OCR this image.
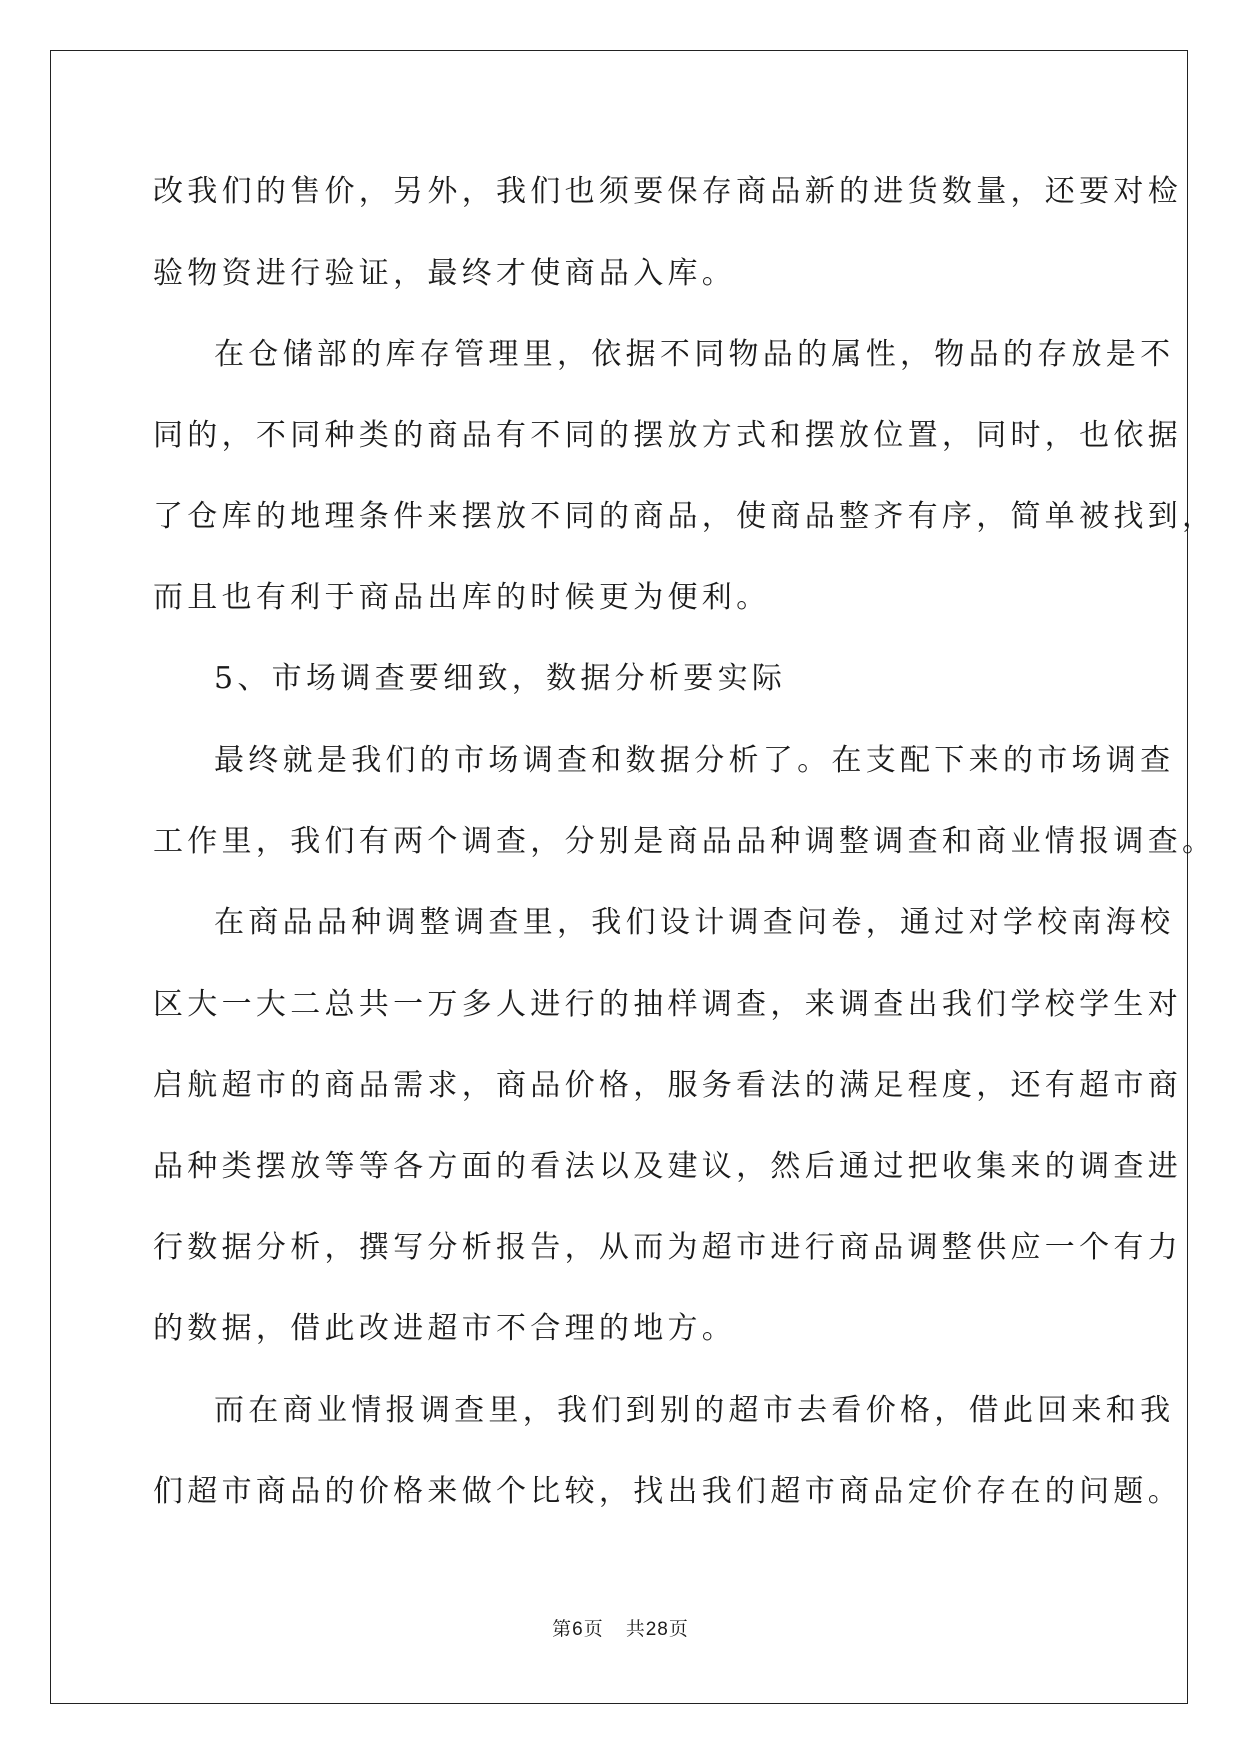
改我们的售价，另外，我们也须要保存商品新的进货数量，还要对检
验物资进行验证，最终才使商品入库。
在仓储部的库存管理里，依据不同物品的属性，物品的存放是不
同的，不同种类的商品有不同的摆放方式和摆放位置，同时，也依据
了仓库的地理条件来摆放不同的商品，使商品整齐有序，简单被找到，
而且也有利于商品出库的时候更为便利。
5、市场调查要细致，数据分析要实际
最终就是我们的市场调查和数据分析了。在支配下来的市场调查
工作里，我们有两个调查，分别是商品品种调整调查和商业情报调查。
在商品品种调整调查里，我们设计调查问卷，通过对学校南海校
区大一大二总共一万多人进行的抽样调查，来调查出我们学校学生对
启航超市的商品需求，商品价格，服务看法的满足程度，还有超市商
品种类摆放等等各方面的看法以及建议，然后通过把收集来的调查进
行数据分析，撰写分析报告，从而为超市进行商品调整供应一个有力
的数据，借此改进超市不合理的地方。
而在商业情报调查里，我们到别的超市去看价格，借此回来和我
们超市商品的价格来做个比较，找出我们超市商品定价存在的问题。
第6页 共28页
